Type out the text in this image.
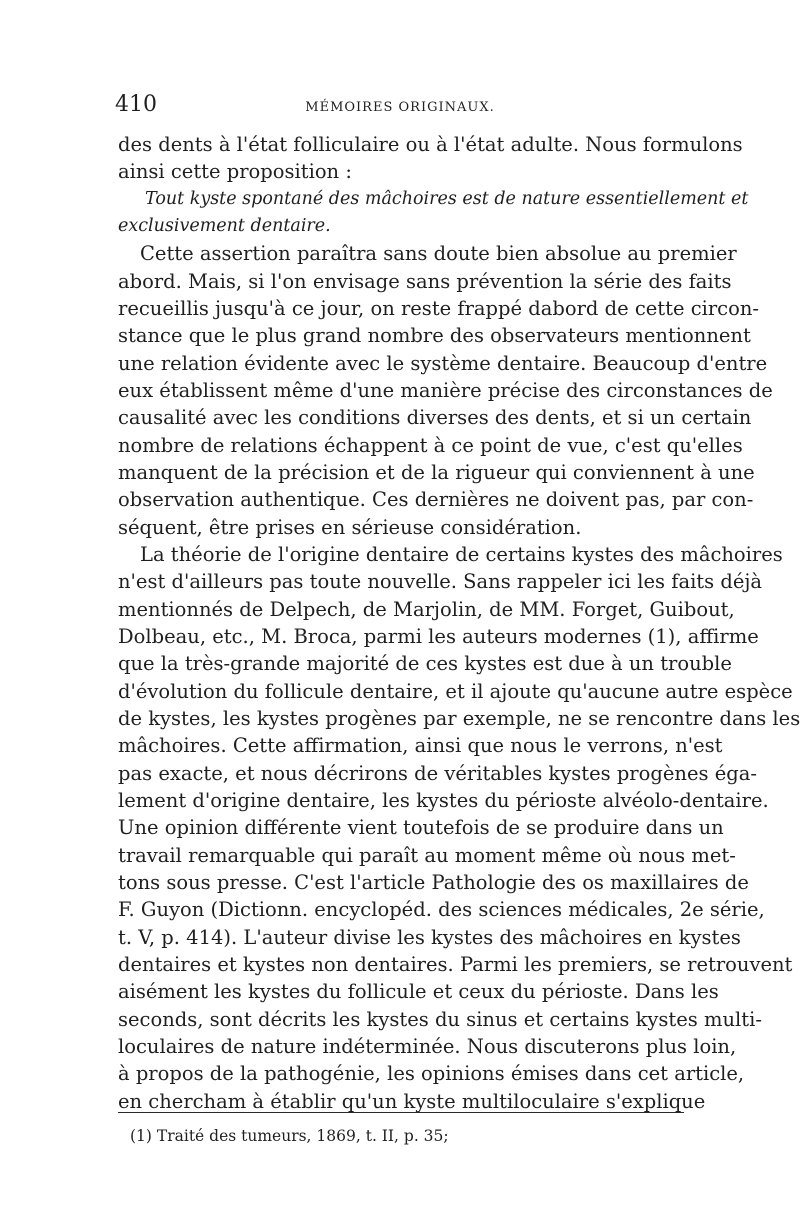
410	MÉMOIRES ORIGINAUX.
des dents à l'état folliculaire ou à l'état adulte. Nous formulons
ainsi cette proposition :
Tout kyste spontané des mâchoires est de nature essentiellement et
exclusivement dentaire.
Cette assertion paraîtra sans doute bien absolue au premier
abord. Mais, si l'on envisage sans prévention la série des faits
recueillis jusqu'à ce jour, on reste frappé dabord de cette circon-
stance que le plus grand nombre des observateurs mentionnent
une relation évidente avec le système dentaire. Beaucoup d'entre
eux établissent même d'une manière précise des circonstances de
causalité avec les conditions diverses des dents, et si un certain
nombre de relations échappent à ce point de vue, c'est qu'elles
manquent de la précision et de la rigueur qui conviennent à une
observation authentique. Ces dernières ne doivent pas, par con-
séquent, être prises en sérieuse considération.
La théorie de l'origine dentaire de certains kystes des mâchoires
n'est d'ailleurs pas toute nouvelle. Sans rappeler ici les faits déjà
mentionnés de Delpech, de Marjolin, de MM. Forget, Guibout,
Dolbeau, etc., M. Broca, parmi les auteurs modernes (1), affirme
que la très-grande majorité de ces kystes est due à un trouble
d'évolution du follicule dentaire, et il ajoute qu'aucune autre espèce
de kystes, les kystes progènes par exemple, ne se rencontre dans les
mâchoires. Cette affirmation, ainsi que nous le verrons, n'est
pas exacte, et nous décrirons de véritables kystes progènes éga-
lement d'origine dentaire, les kystes du périoste alvéolo-dentaire.
Une opinion différente vient toutefois de se produire dans un
travail remarquable qui paraît au moment même où nous met-
tons sous presse. C'est l'article Pathologie des os maxillaires de
F. Guyon (Dictionn. encyclopéd. des sciences médicales, 2e série,
t. V, p. 414). L'auteur divise les kystes des mâchoires en kystes
dentaires et kystes non dentaires. Parmi les premiers, se retrouvent
aisément les kystes du follicule et ceux du périoste. Dans les
seconds, sont décrits les kystes du sinus et certains kystes multi-
loculaires de nature indéterminée. Nous discuterons plus loin,
à propos de la pathogénie, les opinions émises dans cet article,
en chercham à établir qu'un kyste multiloculaire s'explique
(1) Traité des tumeurs, 1869, t. II, p. 35;
